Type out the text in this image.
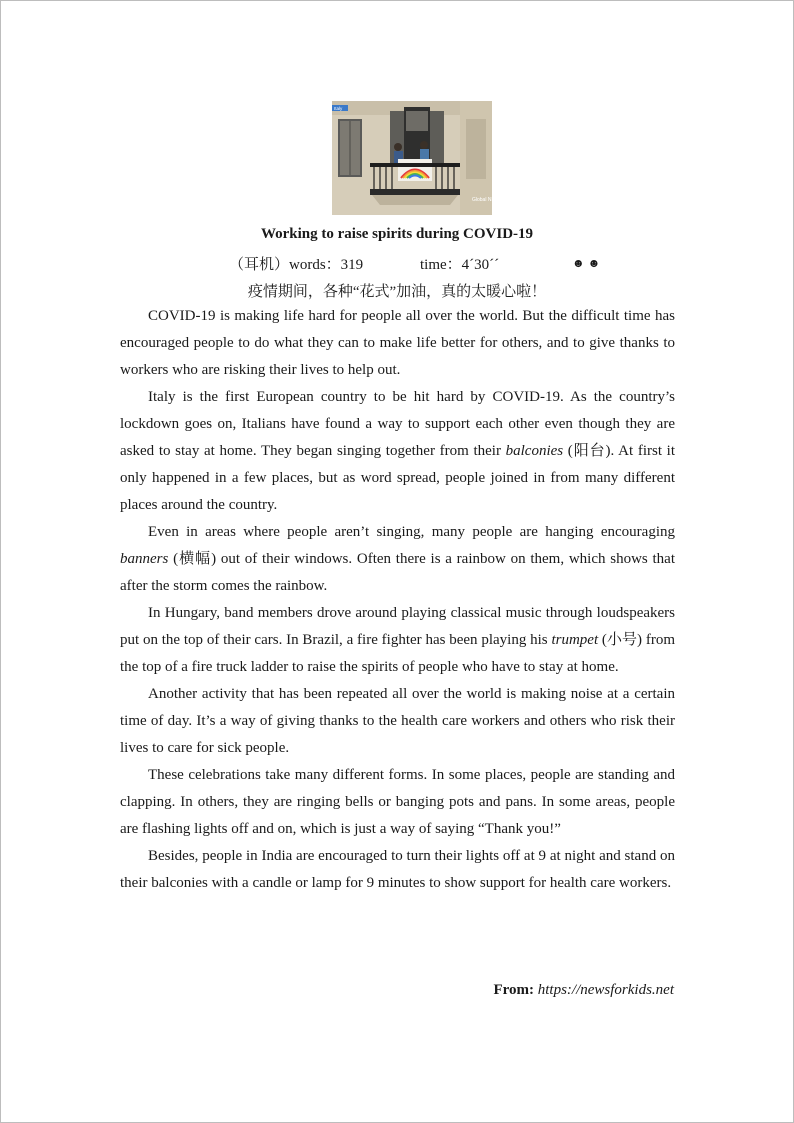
Italy
Global NEWS
Working to raise spirits during COVID-19
（耳机）words：319	time：4´30´´	☻ ☻
疫情期间，各种“花式”加油，真的太暖心啦！

COVID-19 is making life hard for people all over the world. But the difficult time has encouraged people to do what they can to make life better for others, and to give thanks to workers who are risking their lives to help out.

Italy is the first European country to be hit hard by COVID-19. As the country’s lockdown goes on, Italians have found a way to support each other even though they are asked to stay at home. They began singing together from their balconies (阳台). At first it only happened in a few places, but as word spread, people joined in from many different places around the country.

Even in areas where people aren’t singing, many people are hanging encouraging banners (横幅) out of their windows. Often there is a rainbow on them, which shows that after the storm comes the rainbow.

In Hungary, band members drove around playing classical music through loudspeakers put on the top of their cars. In Brazil, a fire fighter has been playing his trumpet (小号) from the top of a fire truck ladder to raise the spirits of people who have to stay at home.

Another activity that has been repeated all over the world is making noise at a certain time of day. It’s a way of giving thanks to the health care workers and others who risk their lives to care for sick people.

These celebrations take many different forms. In some places, people are standing and clapping. In others, they are ringing bells or banging pots and pans. In some areas, people are flashing lights off and on, which is just a way of saying “Thank you!”

Besides, people in India are encouraged to turn their lights off at 9 at night and stand on their balconies with a candle or lamp for 9 minutes to show support for health care workers.

From: https://newsforkids.net
